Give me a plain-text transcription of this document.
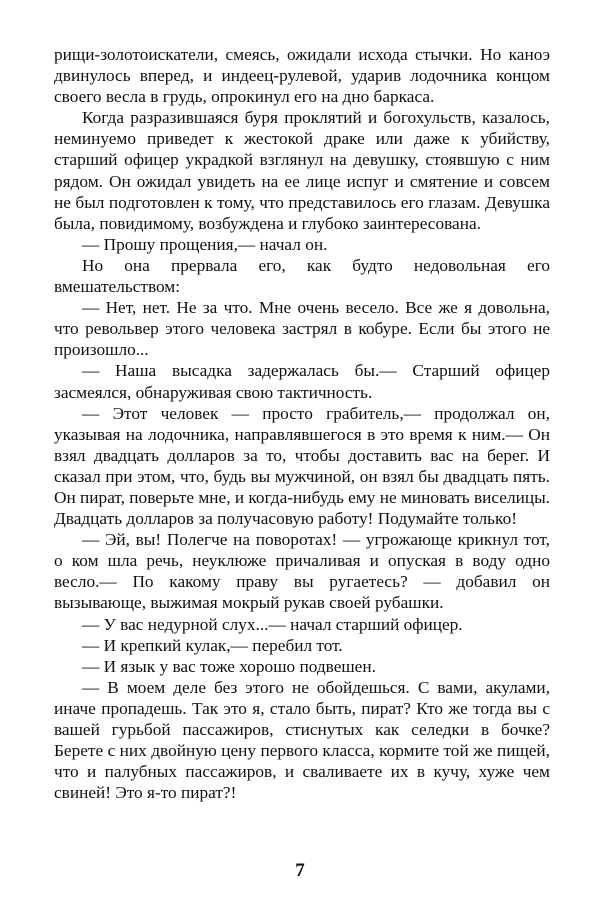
рищи-золотоискатели, смеясь, ожидали исхода стычки. Но каноэ двинулось вперед, и индеец-рулевой, ударив лодочника концом своего весла в грудь, опрокинул его на дно баркаса.

Когда разразившаяся буря проклятий и богохульств, казалось, неминуемо приведет к жестокой драке или даже к убийству, старший офицер украдкой взглянул на девушку, стоявшую с ним рядом. Он ожидал увидеть на ее лице испуг и смятение и совсем не был подготовлен к тому, что представилось его глазам. Девушка была, повидимому, возбуждена и глубоко заинтересована.

— Прошу прощения,— начал он.

Но она прервала его, как будто недовольная его вмешательством:

— Нет, нет. Не за что. Мне очень весело. Все же я довольна, что револьвер этого человека застрял в кобуре. Если бы этого не произошло...

— Наша высадка задержалась бы.— Старший офицер засмеялся, обнаруживая свою тактичность.

— Этот человек — просто грабитель,— продолжал он, указывая на лодочника, направлявшегося в это время к ним.— Он взял двадцать долларов за то, чтобы доставить вас на берег. И сказал при этом, что, будь вы мужчиной, он взял бы двадцать пять. Он пират, поверьте мне, и когда-нибудь ему не миновать виселицы. Двадцать долларов за получасовую работу! Подумайте только!

— Эй, вы! Полегче на поворотах! — угрожающе крикнул тот, о ком шла речь, неуклюже причаливая и опуская в воду одно весло.— По какому праву вы ругаетесь? — добавил он вызывающе, выжимая мокрый рукав своей рубашки.

— У вас недурной слух...— начал старший офицер.

— И крепкий кулак,— перебил тот.

— И язык у вас тоже хорошо подвешен.

— В моем деле без этого не обойдешься. С вами, акулами, иначе пропадешь. Так это я, стало быть, пират? Кто же тогда вы с вашей гурьбой пассажиров, стиснутых как селедки в бочке? Берете с них двойную цену первого класса, кормите той же пищей, что и палубных пассажиров, и сваливаете их в кучу, хуже чем свиней! Это я-то пират?!

7
